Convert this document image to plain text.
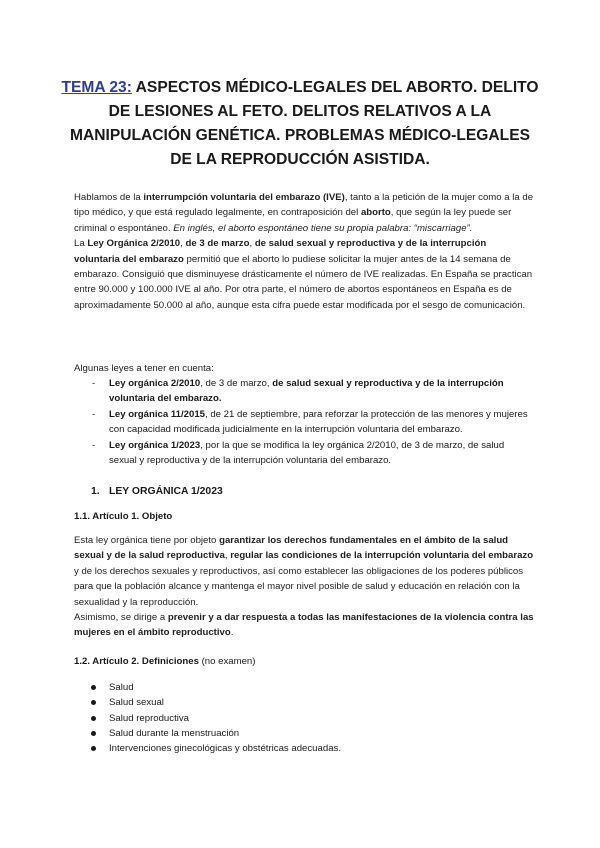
TEMA 23: ASPECTOS MÉDICO-LEGALES DEL ABORTO. DELITO DE LESIONES AL FETO. DELITOS RELATIVOS A LA MANIPULACIÓN GENÉTICA. PROBLEMAS MÉDICO-LEGALES DE LA REPRODUCCIÓN ASISTIDA.

Hablamos de la interrumpción voluntaria del embarazo (IVE), tanto a la petición de la mujer como a la de tipo médico, y que está regulado legalmente, en contraposición del aborto, que según la ley puede ser criminal o espontáneo. En inglés, el aborto espontáneo tiene su propia palabra: “miscarriage”.

La Ley Orgánica 2/2010, de 3 de marzo, de salud sexual y reproductiva y de la interrupción voluntaria del embarazo permitió que el aborto lo pudiese solicitar la mujer antes de la 14 semana de embarazo. Consiguió que disminuyese drásticamente el número de IVE realizadas. En España se practican entre 90.000 y 100.000 IVE al año. Por otra parte, el número de abortos espontáneos en España es de aproximadamente 50.000 al año, aunque esta cifra puede estar modificada por el sesgo de comunicación.

Algunas leyes a tener en cuenta:

- Ley orgánica 2/2010, de 3 de marzo, de salud sexual y reproductiva y de la interrupción voluntaria del embarazo.

- Ley orgánica 11/2015, de 21 de septiembre, para reforzar la protección de las menores y mujeres con capacidad modificada judicialmente en la interrupción voluntaria del embarazo.

- Ley orgánica 1/2023, por la que se modifica la ley orgánica 2/2010, de 3 de marzo, de salud sexual y reproductiva y de la interrupción voluntaria del embarazo.

1. LEY ORGÁNICA 1/2023
1.1. Artículo 1. Objeto

Esta ley orgánica tiene por objeto garantizar los derechos fundamentales en el ámbito de la salud sexual y de la salud reproductiva, regular las condiciones de la interrupción voluntaria del embarazo y de los derechos sexuales y reproductivos, así como establecer las obligaciones de los poderes públicos para que la población alcance y mantenga el mayor nivel posible de salud y educación en relación con la sexualidad y la reproducción.

Asimismo, se dirige a prevenir y a dar respuesta a todas las manifestaciones de la violencia contra las mujeres en el ámbito reproductivo.

1.2. Artículo 2. Definiciones (no examen)

Salud

Salud sexual

Salud reproductiva

Salud durante la menstruación

Intervenciones ginecológicas y obstétricas adecuadas.
